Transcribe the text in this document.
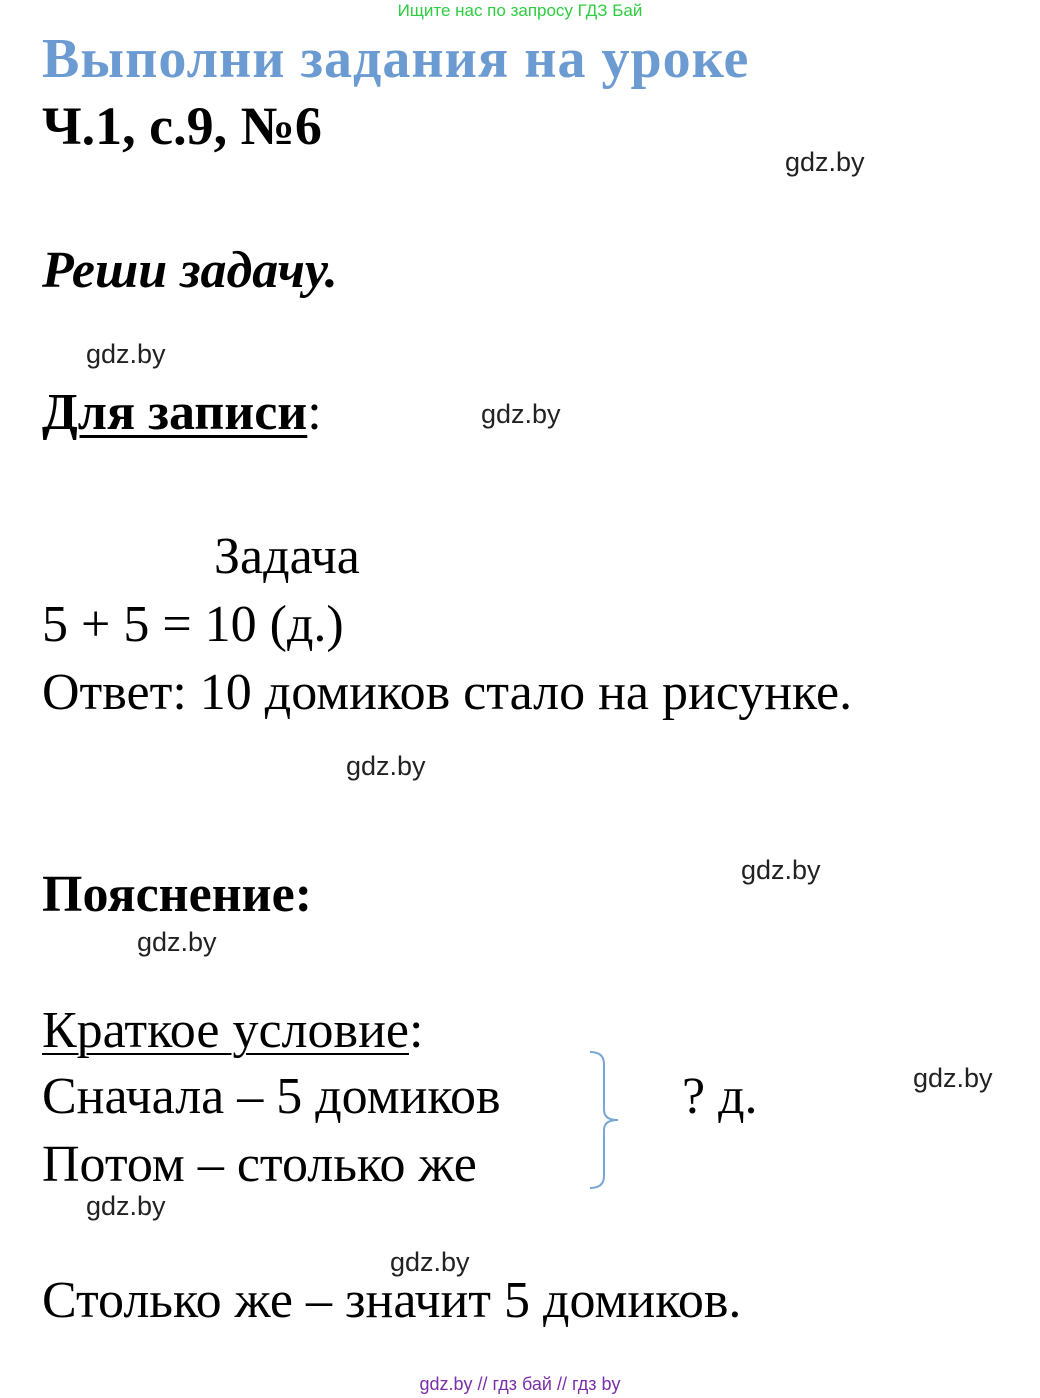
Ищите нас по запросу ГДЗ Бай
Выполни задания на уроке
Ч.1, с.9, №6
gdz.by
Реши задачу.
gdz.by
Для записи:	gdz.by
Задача
5 + 5 = 10 (д.)
Ответ: 10 домиков стало на рисунке.
gdz.by
gdz.by
Пояснение:
gdz.by
Краткое условие:
Сначала – 5 домиков	? д.	gdz.by
Потом – столько же
gdz.by
gdz.by
Столько же – значит 5 домиков.
gdz.by // гдз бай // гдз by
